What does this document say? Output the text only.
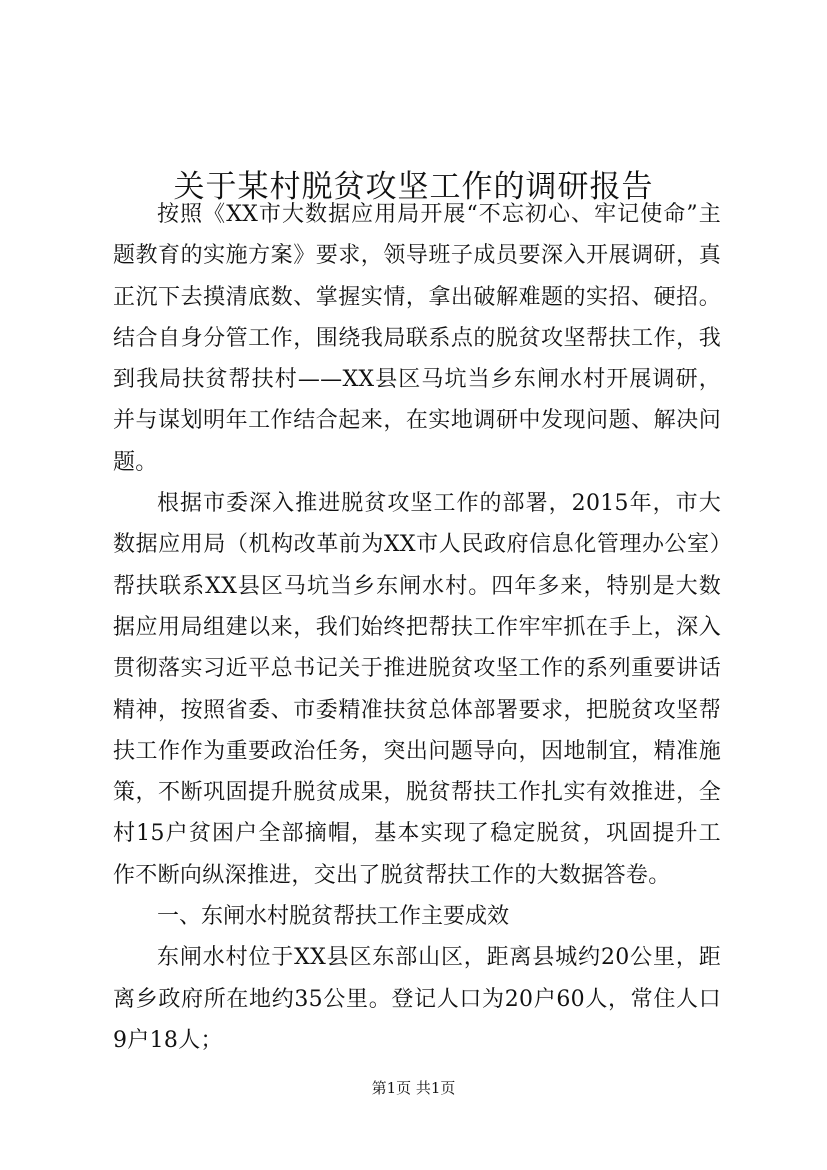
关于某村脱贫攻坚工作的调研报告

按照《XX市大数据应用局开展“不忘初心、牢记使命”主题教育的实施方案》要求，领导班子成员要深入开展调研，真正沉下去摸清底数、掌握实情，拿出破解难题的实招、硬招。结合自身分管工作，围绕我局联系点的脱贫攻坚帮扶工作，我到我局扶贫帮扶村——XX县区马坑当乡东闸水村开展调研，并与谋划明年工作结合起来，在实地调研中发现问题、解决问题。

根据市委深入推进脱贫攻坚工作的部署，2015年，市大数据应用局（机构改革前为XX市人民政府信息化管理办公室）帮扶联系XX县区马坑当乡东闸水村。四年多来，特别是大数据应用局组建以来，我们始终把帮扶工作牢牢抓在手上，深入贯彻落实习近平总书记关于推进脱贫攻坚工作的系列重要讲话精神，按照省委、市委精准扶贫总体部署要求，把脱贫攻坚帮扶工作作为重要政治任务，突出问题导向，因地制宜，精准施策，不断巩固提升脱贫成果，脱贫帮扶工作扎实有效推进，全村15户贫困户全部摘帽，基本实现了稳定脱贫，巩固提升工作不断向纵深推进，交出了脱贫帮扶工作的大数据答卷。

一、东闸水村脱贫帮扶工作主要成效

东闸水村位于XX县区东部山区，距离县城约20公里，距离乡政府所在地约35公里。登记人口为20户60人，常住人口9户18人；

第1页 共1页
